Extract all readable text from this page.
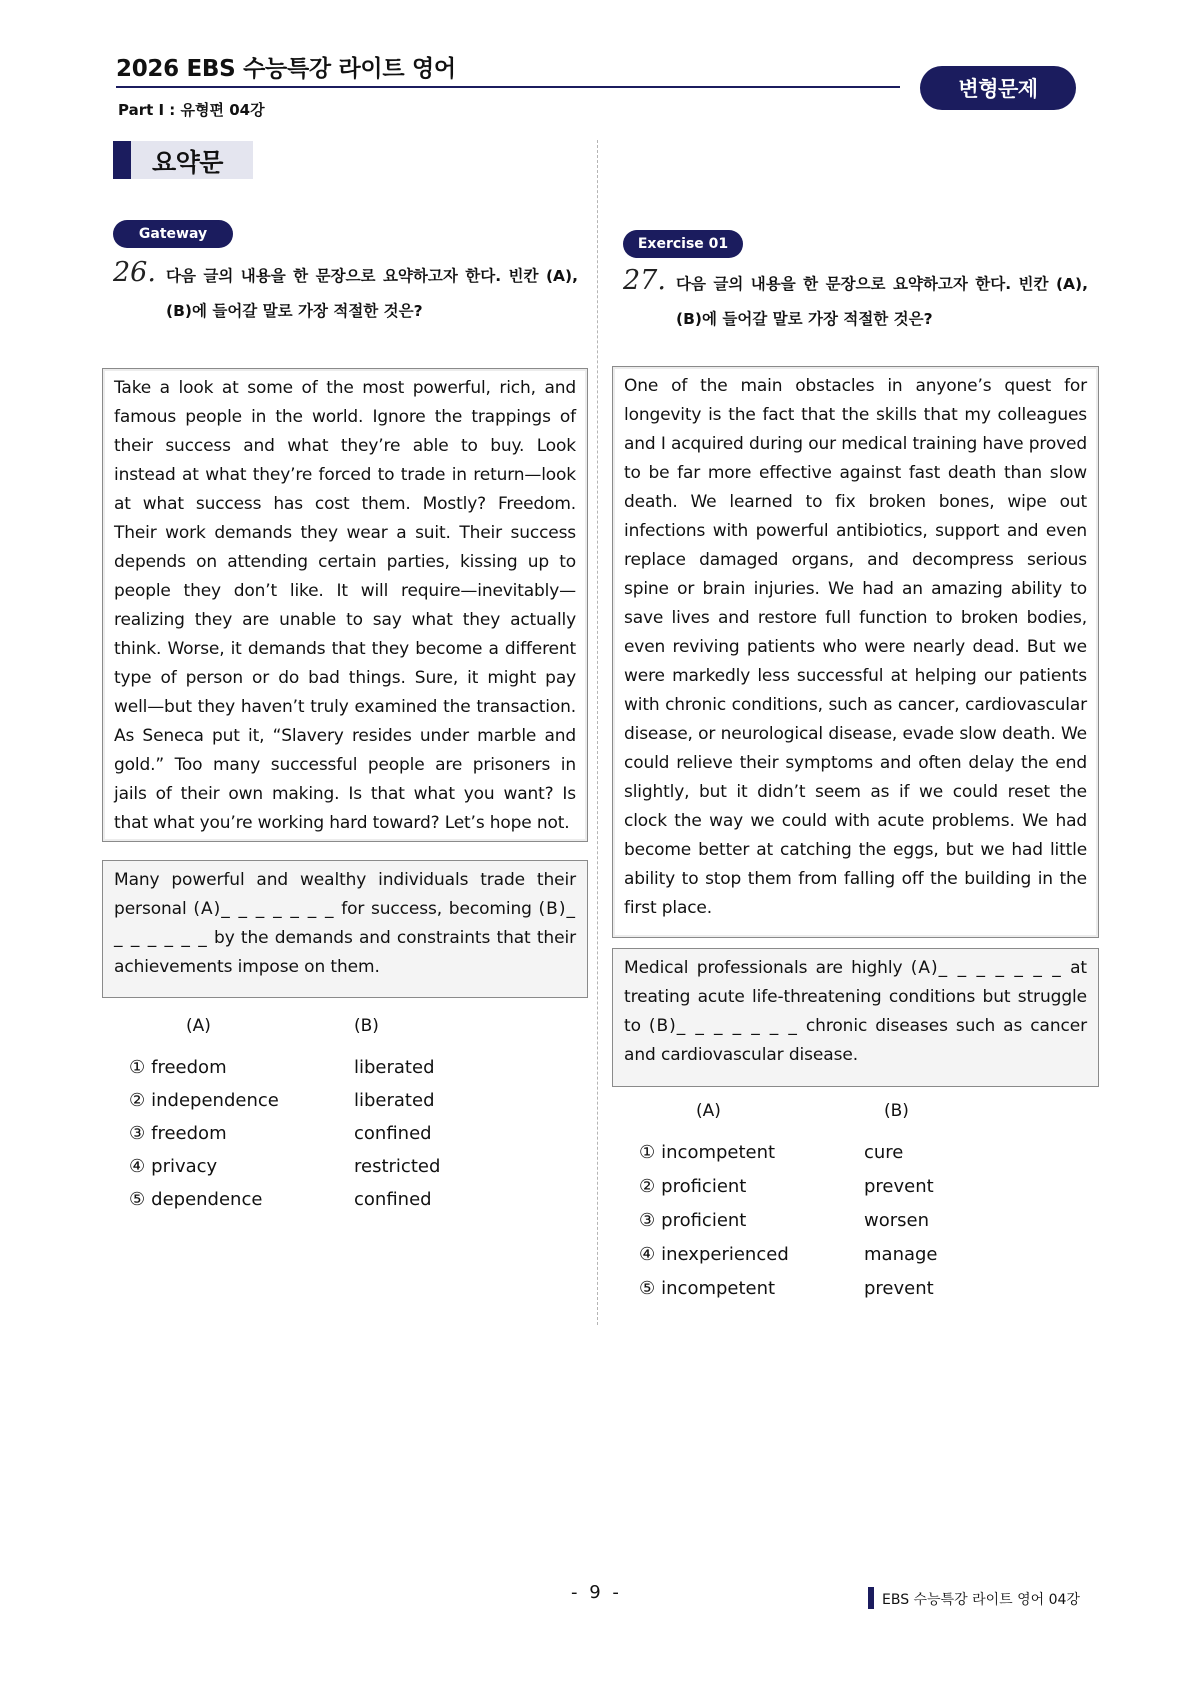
2026 EBS 수능특강 라이트 영어
변형문제
Part Ⅰ : 유형편 04강
요약문
Gateway
26. 다음 글의 내용을 한 문장으로 요약하고자 한다. 빈칸 (A),
(B)에 들어갈 말로 가장 적절한 것은?
Take a look at some of the most powerful, rich, and famous people in the world. Ignore the trappings of their success and what they’re able to buy. Look instead at what they’re forced to trade in return—look at what success has cost them. Mostly? Freedom. Their work demands they wear a suit. Their success depends on attending certain parties, kissing up to people they don’t like. It will require—inevitably—realizing they are unable to say what they actually think. Worse, it demands that they become a different type of person or do bad things. Sure, it might pay well—but they haven’t truly examined the transaction. As Seneca put it, “Slavery resides under marble and gold.” Too many successful people are prisoners in jails of their own making. Is that what you want? Is that what you’re working hard toward? Let’s hope not.
Many powerful and wealthy individuals trade their personal (A)_ _ _ _ _ _ _ for success, becoming (B)_ _ _ _ _ _ _ by the demands and constraints that their achievements impose on them.
(A)	(B)
① freedom	liberated
② independence	liberated
③ freedom	confined
④ privacy	restricted
⑤ dependence	confined
Exercise 01
27. 다음 글의 내용을 한 문장으로 요약하고자 한다. 빈칸 (A),
(B)에 들어갈 말로 가장 적절한 것은?
One of the main obstacles in anyone’s quest for longevity is the fact that the skills that my colleagues and I acquired during our medical training have proved to be far more effective against fast death than slow death. We learned to fix broken bones, wipe out infections with powerful antibiotics, support and even replace damaged organs, and decompress serious spine or brain injuries. We had an amazing ability to save lives and restore full function to broken bodies, even reviving patients who were nearly dead. But we were markedly less successful at helping our patients with chronic conditions, such as cancer, cardiovascular disease, or neurological disease, evade slow death. We could relieve their symptoms and often delay the end slightly, but it didn’t seem as if we could reset the clock the way we could with acute problems. We had become better at catching the eggs, but we had little ability to stop them from falling off the building in the first place.
Medical professionals are highly (A)_ _ _ _ _ _ _ at treating acute life-threatening conditions but struggle to (B)_ _ _ _ _ _ _ chronic diseases such as cancer and cardiovascular disease.
(A)	(B)
① incompetent	cure
② proficient	prevent
③ proficient	worsen
④ inexperienced	manage
⑤ incompetent	prevent
- 9 -	EBS 수능특강 라이트 영어 04강
